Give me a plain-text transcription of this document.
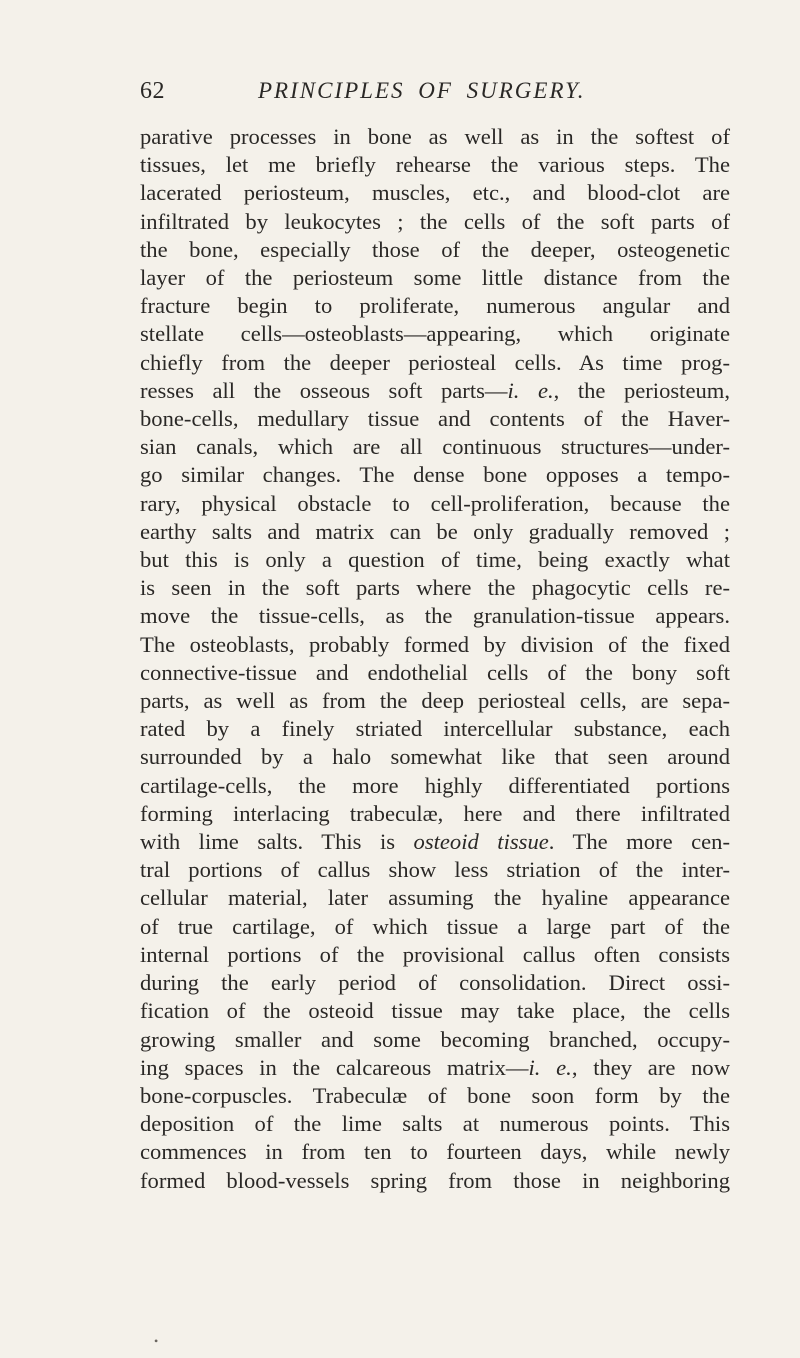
62	PRINCIPLES OF SURGERY.
parative processes in bone as well as in the softest of
tissues, let me briefly rehearse the various steps. The
lacerated periosteum, muscles, etc., and blood-clot are
infiltrated by leukocytes ; the cells of the soft parts of
the bone, especially those of the deeper, osteogenetic
layer of the periosteum some little distance from the
fracture begin to proliferate, numerous angular and
stellate cells—osteoblasts—appearing, which originate
chiefly from the deeper periosteal cells. As time prog-
resses all the osseous soft parts—i. e., the periosteum,
bone-cells, medullary tissue and contents of the Haver-
sian canals, which are all continuous structures—under-
go similar changes. The dense bone opposes a tempo-
rary, physical obstacle to cell-proliferation, because the
earthy salts and matrix can be only gradually removed ;
but this is only a question of time, being exactly what
is seen in the soft parts where the phagocytic cells re-
move the tissue-cells, as the granulation-tissue appears.
The osteoblasts, probably formed by division of the fixed
connective-tissue and endothelial cells of the bony soft
parts, as well as from the deep periosteal cells, are sepa-
rated by a finely striated intercellular substance, each
surrounded by a halo somewhat like that seen around
cartilage-cells, the more highly differentiated portions
forming interlacing trabeculæ, here and there infiltrated
with lime salts. This is osteoid tissue. The more cen-
tral portions of callus show less striation of the inter-
cellular material, later assuming the hyaline appearance
of true cartilage, of which tissue a large part of the
internal portions of the provisional callus often consists
during the early period of consolidation. Direct ossi-
fication of the osteoid tissue may take place, the cells
growing smaller and some becoming branched, occupy-
ing spaces in the calcareous matrix—i. e., they are now
bone-corpuscles. Trabeculæ of bone soon form by the
deposition of the lime salts at numerous points. This
commences in from ten to fourteen days, while newly
formed blood-vessels spring from those in neighboring
•
